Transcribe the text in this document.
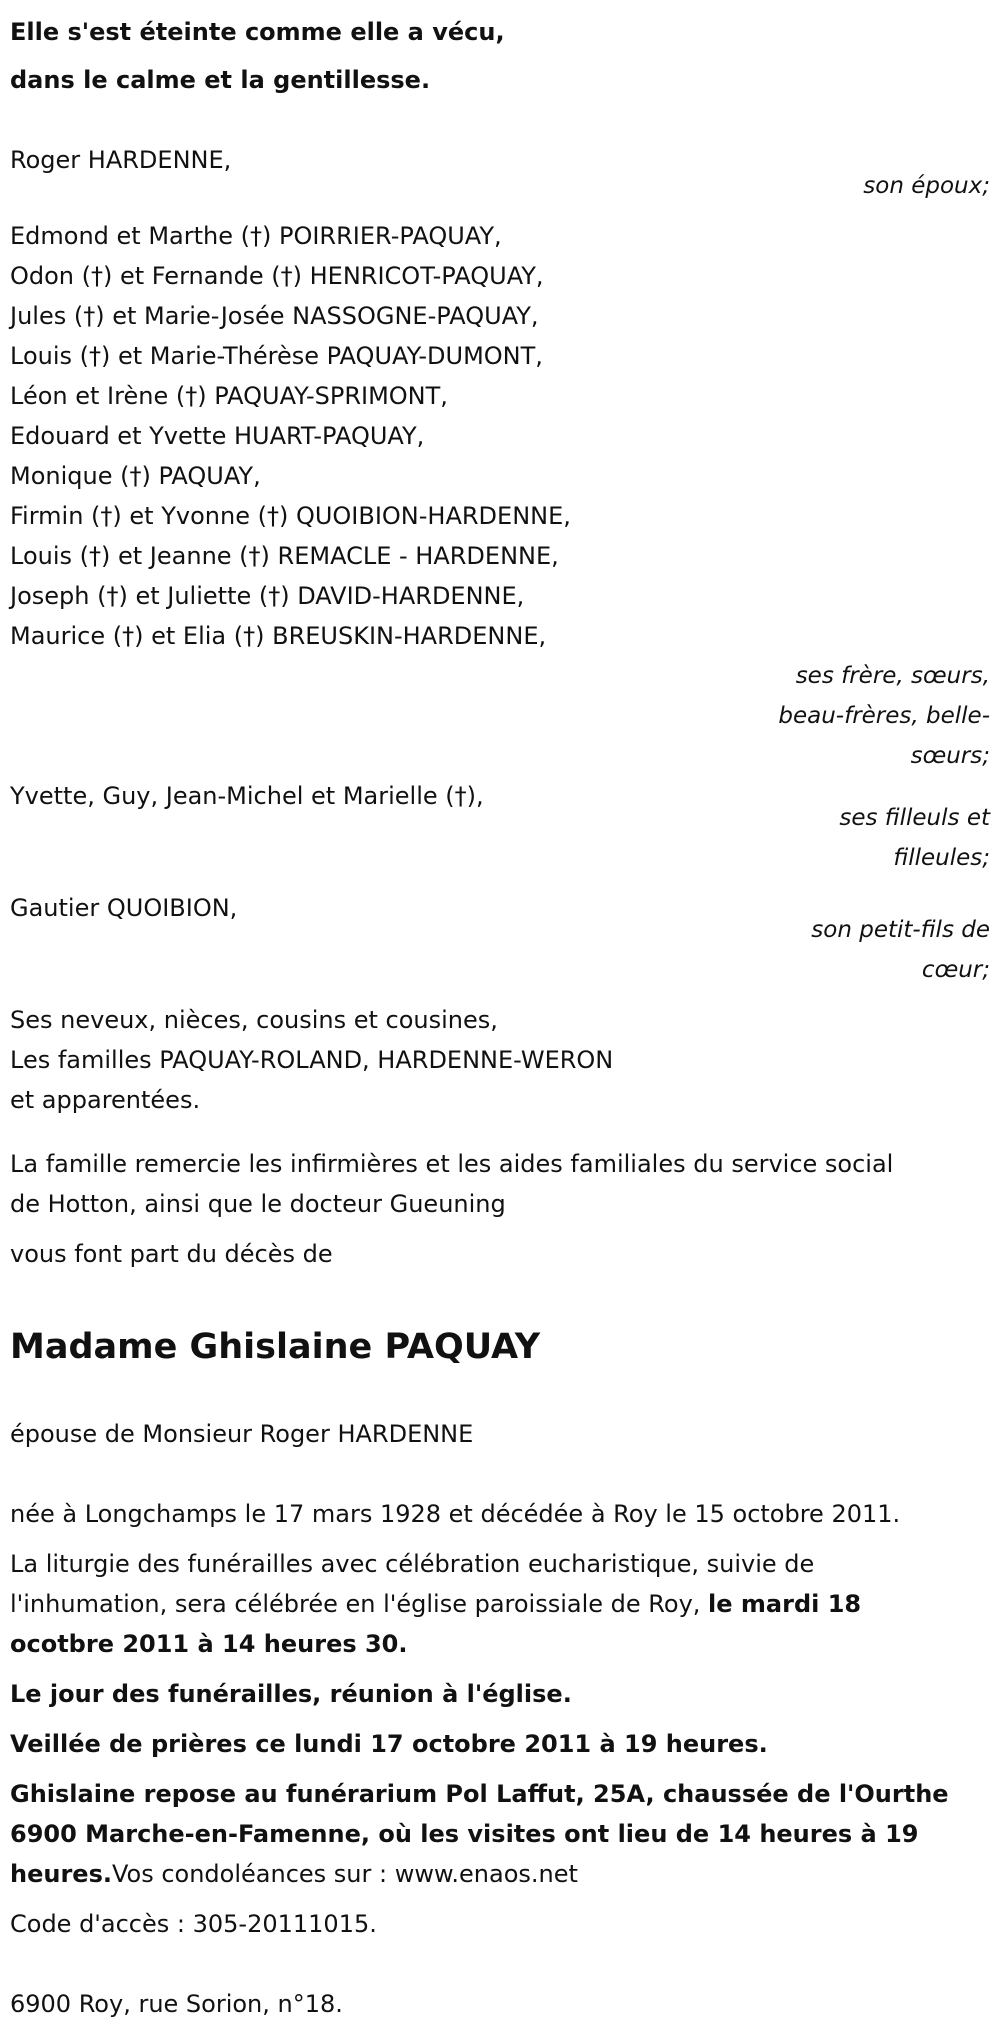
Elle s'est éteinte comme elle a vécu,

dans le calme et la gentillesse.

Roger HARDENNE,

son époux;

Edmond et Marthe (†) POIRRIER-PAQUAY,

Odon (†) et Fernande (†) HENRICOT-PAQUAY,

Jules (†) et Marie-Josée NASSOGNE-PAQUAY,

Louis (†) et Marie-Thérèse PAQUAY-DUMONT,

Léon et Irène (†) PAQUAY-SPRIMONT,

Edouard et Yvette HUART-PAQUAY,

Monique (†) PAQUAY,

Firmin (†) et Yvonne (†) QUOIBION-HARDENNE,

Louis (†) et Jeanne (†) REMACLE - HARDENNE,

Joseph (†) et Juliette (†) DAVID-HARDENNE,

Maurice (†) et Elia (†) BREUSKIN-HARDENNE,

ses frère, sœurs,
beau-frères, belle-
sœurs;

Yvette, Guy, Jean-Michel et Marielle (†),

ses filleuls et
filleules;

Gautier QUOIBION,

son petit-fils de
cœur;

Ses neveux, nièces, cousins et cousines,

Les familles PAQUAY-ROLAND, HARDENNE-WERON

et apparentées.

La famille remercie les infirmières et les aides familiales du service social

de Hotton, ainsi que le docteur Gueuning

vous font part du décès de

Madame Ghislaine PAQUAY

épouse de Monsieur Roger HARDENNE

née à Longchamps le 17 mars 1928 et décédée à Roy le 15 octobre 2011.

La liturgie des funérailles avec célébration eucharistique, suivie de

l'inhumation, sera célébrée en l'église paroissiale de Roy, le mardi 18

ocotbre 2011 à 14 heures 30.

Le jour des funérailles, réunion à l'église.

Veillée de prières ce lundi 17 octobre 2011 à 19 heures.

Ghislaine repose au funérarium Pol Laffut, 25A, chaussée de l'Ourthe

6900 Marche-en-Famenne, où les visites ont lieu de 14 heures à 19

heures.Vos condoléances sur : www.enaos.net

Code d'accès : 305-20111015.

6900 Roy, rue Sorion, n°18.
